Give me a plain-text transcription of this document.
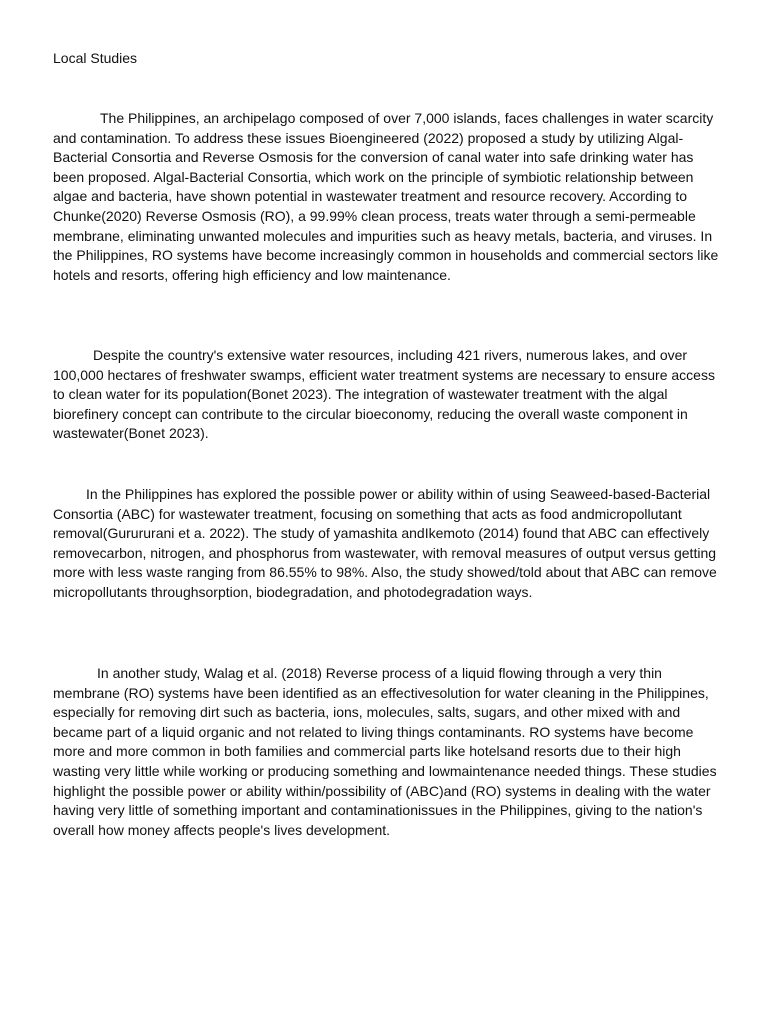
Local Studies

The Philippines, an archipelago composed of over 7,000 islands, faces challenges in water scarcity and contamination. To address these issues Bioengineered (2022) proposed a study by utilizing Algal-Bacterial Consortia and Reverse Osmosis for the conversion of canal water into safe drinking water has been proposed. Algal-Bacterial Consortia, which work on the principle of symbiotic relationship between algae and bacteria, have shown potential in wastewater treatment and resource recovery. According to Chunke(2020) Reverse Osmosis (RO), a 99.99% clean process, treats water through a semi-permeable membrane, eliminating unwanted molecules and impurities such as heavy metals, bacteria, and viruses. In the Philippines, RO systems have become increasingly common in households and commercial sectors like hotels and resorts, offering high efficiency and low maintenance.

Despite the country's extensive water resources, including 421 rivers, numerous lakes, and over 100,000 hectares of freshwater swamps, efficient water treatment systems are necessary to ensure access to clean water for its population(Bonet 2023). The integration of wastewater treatment with the algal biorefinery concept can contribute to the circular bioeconomy, reducing the overall waste component in wastewater(Bonet 2023).

In the Philippines has explored the possible power or ability within of using Seaweed-based-Bacterial Consortia (ABC) for wastewater treatment, focusing on something that acts as food andmicropollutant removal(Gurururani et a. 2022). The study of yamashita andIkemoto (2014) found that ABC can effectively removecarbon, nitrogen, and phosphorus from wastewater, with removal measures of output versus getting more with less waste ranging from 86.55% to 98%. Also, the study showed/told about that ABC can remove micropollutants throughsorption, biodegradation, and photodegradation ways.

In another study, Walag et al. (2018) Reverse process of a liquid flowing through a very thin membrane (RO) systems have been identified as an effectivesolution for water cleaning in the Philippines, especially for removing dirt such as bacteria, ions, molecules, salts, sugars, and other mixed with and became part of a liquid organic and not related to living things contaminants. RO systems have become more and more common in both families and commercial parts like hotelsand resorts due to their high wasting very little while working or producing something and lowmaintenance needed things. These studies highlight the possible power or ability within/possibility of (ABC)and (RO) systems in dealing with the water having very little of something important and contaminationissues in the Philippines, giving to the nation's overall how money affects people's lives development.
